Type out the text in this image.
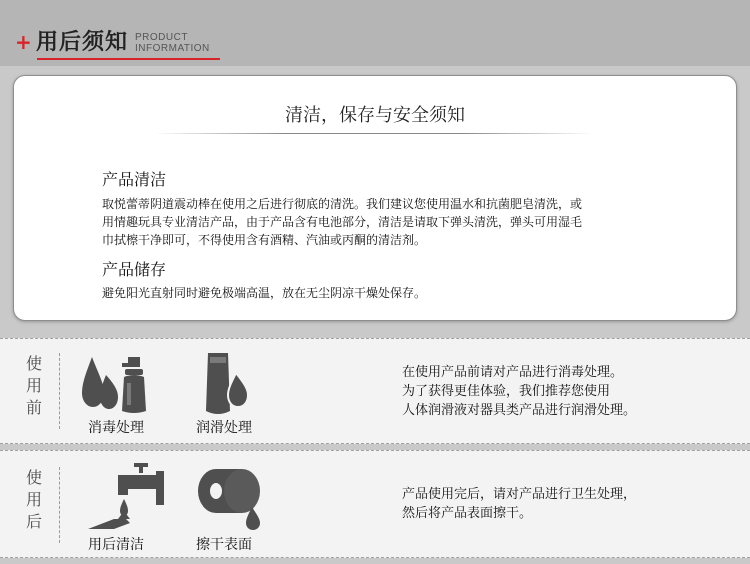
+ 用后须知 PRODUCT
INFORMATION
清洁，保存与安全须知
产品清洁
取悦蕾蒂阴道震动棒在使用之后进行彻底的清洗。我们建议您使用温水和抗菌肥皂清洗，或
用情趣玩具专业清洁产品，由于产品含有电池部分，清洁是请取下弹头清洗，弹头可用湿毛
巾拭檫干净即可，不得使用含有酒精、汽油或丙酮的清洁剂。
产品储存
避免阳光直射同时避免极端高温，放在无尘阴凉干燥处保存。
使
用
前
消毒处理	润滑处理
在使用产品前请对产品进行消毒处理。
为了获得更佳体验，我们推荐您使用
人体润滑液对器具类产品进行润滑处理。
使
用
后
用后清洁	擦干表面
产品使用完后，请对产品进行卫生处理，
然后将产品表面擦干。
